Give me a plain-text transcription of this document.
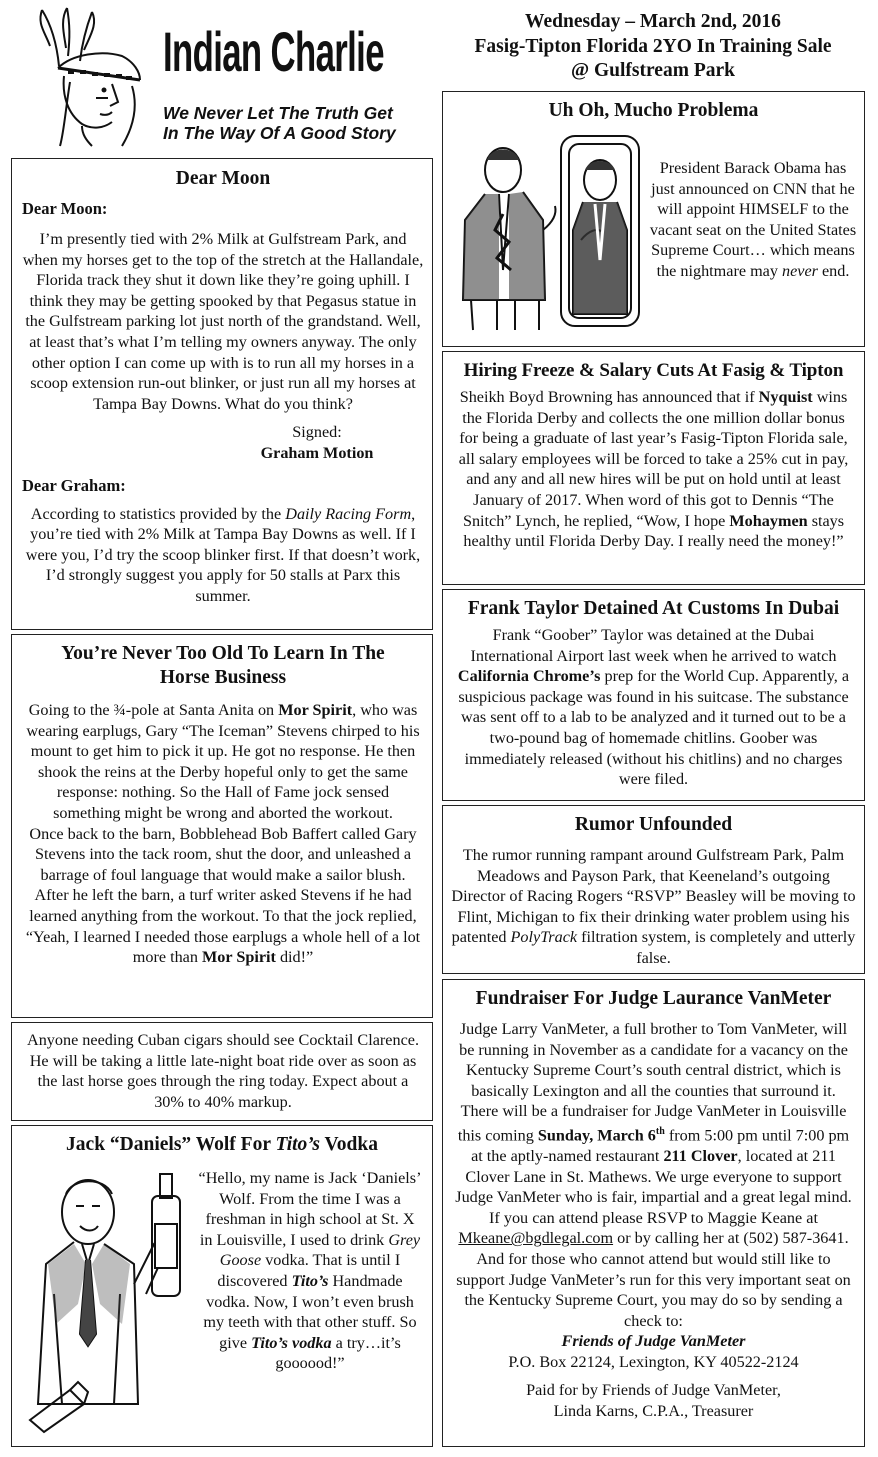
Indian Charlie
We Never Let The Truth Get
In The Way Of A Good Story
Wednesday – March 2nd, 2016
Fasig-Tipton Florida 2YO In Training Sale
@ Gulfstream Park

Dear Moon

Dear Moon:

I’m presently tied with 2% Milk at Gulfstream Park, and when my horses get to the top of the stretch at the Hallandale, Florida track they shut it down like they’re going uphill. I think they may be getting spooked by that Pegasus statue in the Gulfstream parking lot just north of the grandstand. Well, at least that’s what I’m telling my owners anyway. The only other option I can come up with is to run all my horses in a scoop extension run-out blinker, or just run all my horses at Tampa Bay Downs. What do you think?

Signed:

Graham Motion

Dear Graham:

According to statistics provided by the Daily Racing Form, you’re tied with 2% Milk at Tampa Bay Downs as well. If I were you, I’d try the scoop blinker first. If that doesn’t work, I’d strongly suggest you apply for 50 stalls at Parx this summer.

You’re Never Too Old To Learn In The

Horse Business

Going to the ¾-pole at Santa Anita on Mor Spirit, who was wearing earplugs, Gary “The Iceman” Stevens chirped to his mount to get him to pick it up. He got no response. He then shook the reins at the Derby hopeful only to get the same response: nothing. So the Hall of Fame jock sensed something might be wrong and aborted the workout.

Once back to the barn, Bobblehead Bob Baffert called Gary Stevens into the tack room, shut the door, and unleashed a barrage of foul language that would make a sailor blush.

After he left the barn, a turf writer asked Stevens if he had learned anything from the workout. To that the jock replied, “Yeah, I learned I needed those earplugs a whole hell of a lot more than Mor Spirit did!”

Anyone needing Cuban cigars should see Cocktail Clarence. He will be taking a little late-night boat ride over as soon as the last horse goes through the ring today. Expect about a 30% to 40% markup.

Jack “Daniels” Wolf For Tito’s Vodka

“Hello, my name is Jack ‘Daniels’ Wolf. From the time I was a freshman in high school at St. X in Louisville, I used to drink Grey Goose vodka. That is until I discovered Tito’s Handmade vodka. Now, I won’t even brush my teeth with that other stuff. So give Tito’s vodka a try…it’s goooood!”

Uh Oh, Mucho Problema

President Barack Obama has just announced on CNN that he will appoint HIMSELF to the vacant seat on the United States Supreme Court… which means the nightmare may never end.

Hiring Freeze & Salary Cuts At Fasig & Tipton

Sheikh Boyd Browning has announced that if Nyquist wins the Florida Derby and collects the one million dollar bonus for being a graduate of last year’s Fasig-Tipton Florida sale, all salary employees will be forced to take a 25% cut in pay, and any and all new hires will be put on hold until at least January of 2017. When word of this got to Dennis “The Snitch” Lynch, he replied, “Wow, I hope Mohaymen stays healthy until Florida Derby Day. I really need the money!”

Frank Taylor Detained At Customs In Dubai

Frank “Goober” Taylor was detained at the Dubai International Airport last week when he arrived to watch California Chrome’s prep for the World Cup. Apparently, a suspicious package was found in his suitcase. The substance was sent off to a lab to be analyzed and it turned out to be a two-pound bag of homemade chitlins. Goober was immediately released (without his chitlins) and no charges were filed.

Rumor Unfounded

The rumor running rampant around Gulfstream Park, Palm Meadows and Payson Park, that Keeneland’s outgoing Director of Racing Rogers “RSVP” Beasley will be moving to Flint, Michigan to fix their drinking water problem using his patented PolyTrack filtration system, is completely and utterly false.

Fundraiser For Judge Laurance VanMeter

Judge Larry VanMeter, a full brother to Tom VanMeter, will be running in November as a candidate for a vacancy on the Kentucky Supreme Court’s south central district, which is basically Lexington and all the counties that surround it. There will be a fundraiser for Judge VanMeter in Louisville this coming Sunday, March 6th from 5:00 pm until 7:00 pm at the aptly-named restaurant 211 Clover, located at 211 Clover Lane in St. Mathews. We urge everyone to support Judge VanMeter who is fair, impartial and a great legal mind. If you can attend please RSVP to Maggie Keane at Mkeane@bgdlegal.com or by calling her at (502) 587-3641. And for those who cannot attend but would still like to support Judge VanMeter’s run for this very important seat on the Kentucky Supreme Court, you may do so by sending a check to:

Friends of Judge VanMeter

P.O. Box 22124, Lexington, KY 40522-2124

Paid for by Friends of Judge VanMeter,

Linda Karns, C.P.A., Treasurer
